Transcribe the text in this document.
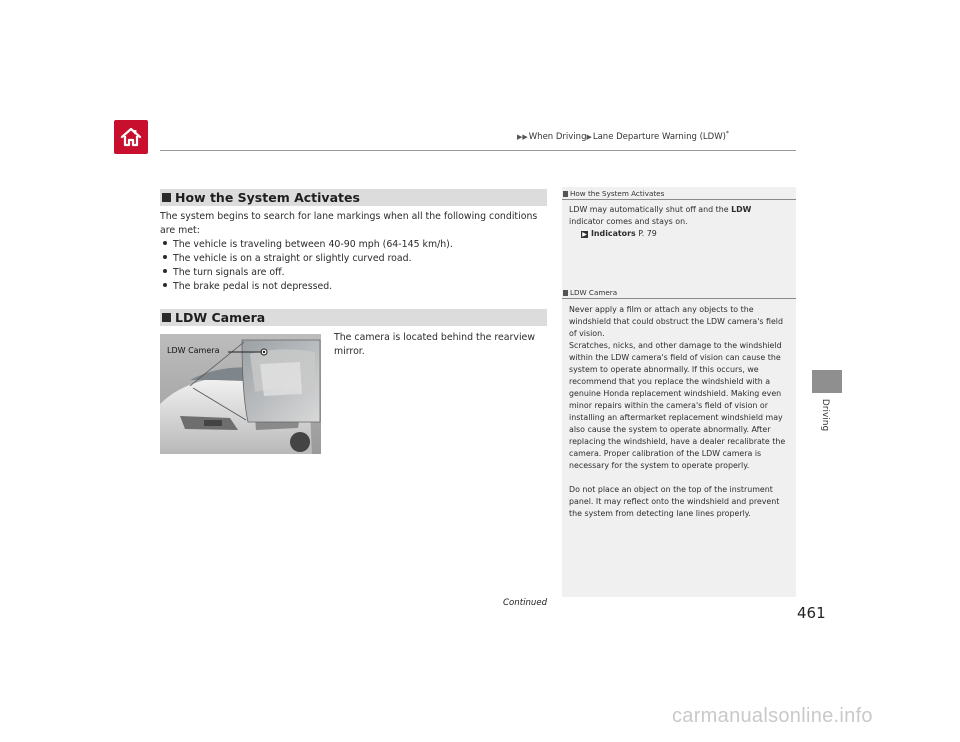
▶▶When Driving▶Lane Departure Warning (LDW)*
Driving
How the System Activates
The system begins to search for lane markings when all the following conditions are met:
The vehicle is traveling between 40-90 mph (64-145 km/h).
The vehicle is on a straight or slightly curved road.
The turn signals are off.
The brake pedal is not depressed.
LDW Camera
The camera is located behind the rearview mirror.
LDW Camera
How the System Activates
LDW may automatically shut off and the LDW
indicator comes and stays on.
▶ Indicators P. 79
LDW Camera
Never apply a film or attach any objects to the windshield that could obstruct the LDW camera's field of vision.
Scratches, nicks, and other damage to the windshield within the LDW camera's field of vision can cause the system to operate abnormally. If this occurs, we recommend that you replace the windshield with a genuine Honda replacement windshield. Making even minor repairs within the camera's field of vision or installing an aftermarket replacement windshield may also cause the system to operate abnormally. After replacing the windshield, have a dealer recalibrate the camera. Proper calibration of the LDW camera is necessary for the system to operate properly.
Do not place an object on the top of the instrument panel. It may reflect onto the windshield and prevent the system from detecting lane lines properly.
Continued
461
carmanualsonline.info
